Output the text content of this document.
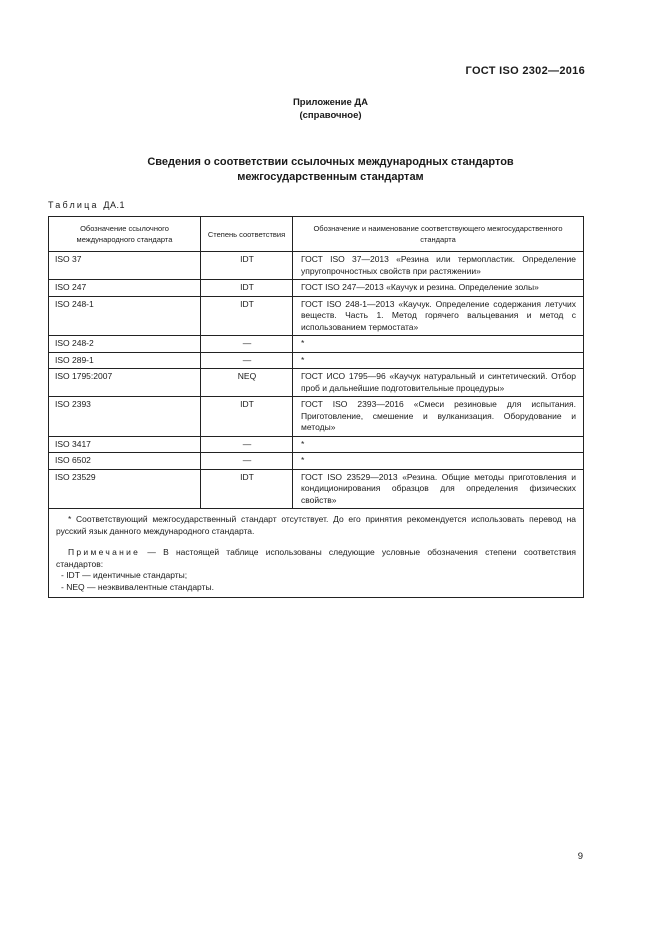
ГОСТ ISO 2302—2016
Приложение ДА
(справочное)
Сведения о соответствии ссылочных международных стандартов
межгосударственным стандартам
Таблица ДА.1
Обозначение ссылочного международного стандарта	Степень соответствия	Обозначение и наименование соответствующего межгосударственного стандарта
ISO 37	IDT	ГОСТ ISO 37—2013 «Резина или термопластик. Определение упругопрочностных свойств при растяжении»
ISO 247	IDT	ГОСТ ISO 247—2013 «Каучук и резина. Определение золы»
ISO 248-1	IDT	ГОСТ ISO 248-1—2013 «Каучук. Определение содержания летучих веществ. Часть 1. Метод горячего вальцевания и метод с использованием термостата»
ISO 248-2	—	*
ISO 289-1	—	*
ISO 1795:2007	NEQ	ГОСТ ИСО 1795—96 «Каучук натуральный и синтетический. Отбор проб и дальнейшие подготовительные процедуры»
ISO 2393	IDT	ГОСТ ISO 2393—2016 «Смеси резиновые для испытания. Приготовление, смешение и вулканизация. Оборудование и методы»
ISO 3417	—	*
ISO 6502	—	*
ISO 23529	IDT	ГОСТ ISO 23529—2013 «Резина. Общие методы приготовления и кондиционирования образцов для определения физических свойств»

* Соответствующий межгосударственный стандарт отсутствует. До его принятия рекомендуется использовать перевод на русский язык данного международного стандарта.
Примечание — В настоящей таблице использованы следующие условные обозначения степени соответствия стандартов:
- IDT — идентичные стандарты;
- NEQ — неэквивалентные стандарты.		
9
